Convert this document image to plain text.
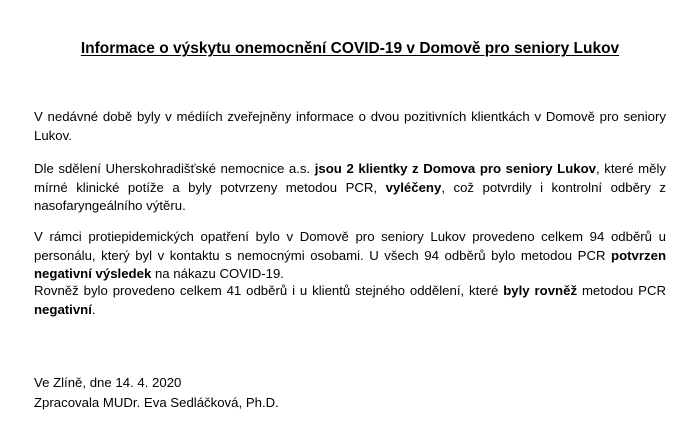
Informace o výskytu onemocnění COVID-19 v Domově pro seniory Lukov
V nedávné době byly v médiích zveřejněny informace o dvou pozitivních klientkách v Domově pro seniory Lukov.
Dle sdělení Uherskohradišťské nemocnice a.s. jsou 2 klientky z Domova pro seniory Lukov, které měly mírné klinické potíže a byly potvrzeny metodou PCR, vyléčeny, což potvrdily i kontrolní odběry z nasofaryngeálního výtěru.
V rámci protiepidemických opatření bylo v Domově pro seniory Lukov provedeno celkem 94 odběrů u personálu, který byl v kontaktu s nemocnými osobami. U všech 94 odběrů bylo metodou PCR potvrzen negativní výsledek na nákazu COVID-19.
Rovněž bylo provedeno celkem 41 odběrů i u klientů stejného oddělení, které byly rovněž metodou PCR negativní.
Ve Zlíně, dne 14. 4. 2020
Zpracovala MUDr. Eva Sedláčková, Ph.D.
